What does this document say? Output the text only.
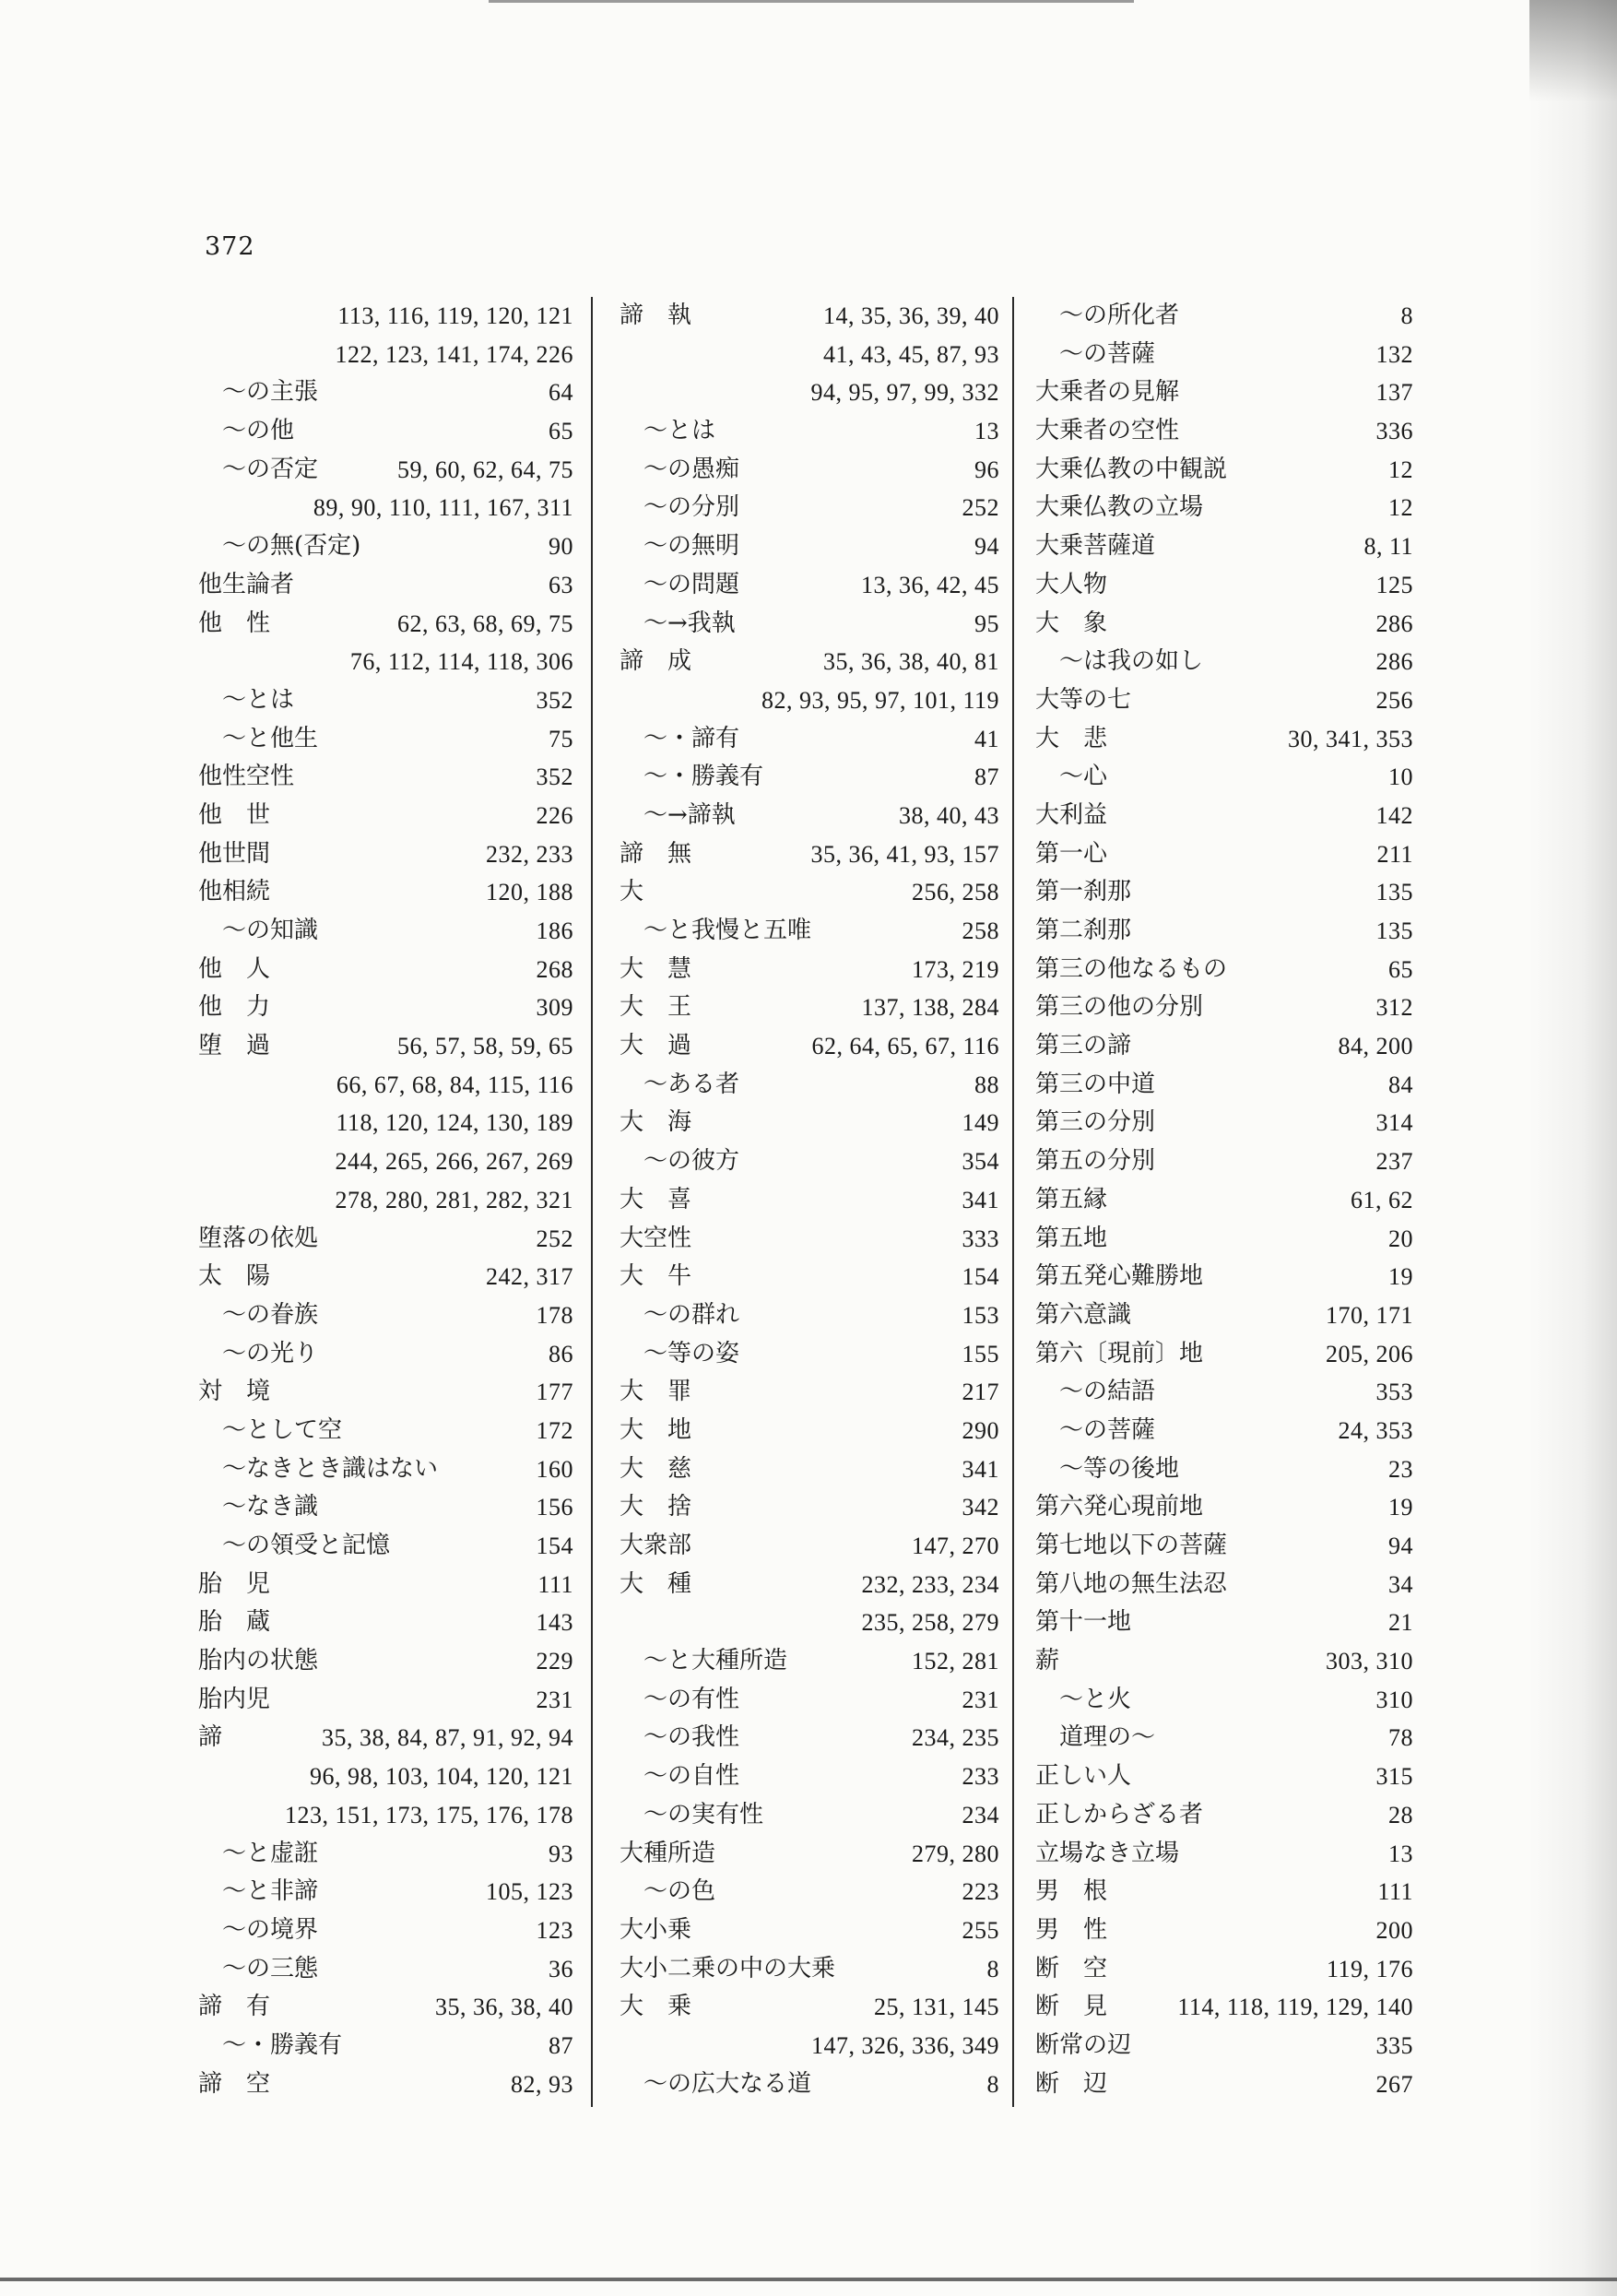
372
113, 116, 119, 120, 121
122, 123, 141, 174, 226
～の主張	64
～の他	65
～の否定	59, 60, 62, 64, 75
89, 90, 110, 111, 167, 311
～の無(否定)	90
他生論者	63
他　性	62, 63, 68, 69, 75
76, 112, 114, 118, 306
～とは	352
～と他生	75
他性空性	352
他　世	226
他世間	232, 233
他相続	120, 188
～の知識	186
他　人	268
他　力	309
堕　過	56, 57, 58, 59, 65
66, 67, 68, 84, 115, 116
118, 120, 124, 130, 189
244, 265, 266, 267, 269
278, 280, 281, 282, 321
堕落の依処	252
太　陽	242, 317
～の眷族	178
～の光り	86
対　境	177
～として空	172
～なきとき識はない	160
～なき識	156
～の領受と記憶	154
胎　児	111
胎　蔵	143
胎内の状態	229
胎内児	231
諦	35, 38, 84, 87, 91, 92, 94
96, 98, 103, 104, 120, 121
123, 151, 173, 175, 176, 178
～と虚誑	93
～と非諦	105, 123
～の境界	123
～の三態	36
諦　有	35, 36, 38, 40
～・勝義有	87
諦　空	82, 93
諦　執	14, 35, 36, 39, 40
41, 43, 45, 87, 93
94, 95, 97, 99, 332
～とは	13
～の愚痴	96
～の分別	252
～の無明	94
～の問題	13, 36, 42, 45
～→我執	95
諦　成	35, 36, 38, 40, 81
82, 93, 95, 97, 101, 119
～・諦有	41
～・勝義有	87
～→諦執	38, 40, 43
諦　無	35, 36, 41, 93, 157
大	256, 258
～と我慢と五唯	258
大　慧	173, 219
大　王	137, 138, 284
大　過	62, 64, 65, 67, 116
～ある者	88
大　海	149
～の彼方	354
大　喜	341
大空性	333
大　牛	154
～の群れ	153
～等の姿	155
大　罪	217
大　地	290
大　慈	341
大　捨	342
大衆部	147, 270
大　種	232, 233, 234
235, 258, 279
～と大種所造	152, 281
～の有性	231
～の我性	234, 235
～の自性	233
～の実有性	234
大種所造	279, 280
～の色	223
大小乗	255
大小二乗の中の大乗	8
大　乗	25, 131, 145
147, 326, 336, 349
～の広大なる道	8
～の所化者	8
～の菩薩	132
大乗者の見解	137
大乗者の空性	336
大乗仏教の中観説	12
大乗仏教の立場	12
大乗菩薩道	8, 11
大人物	125
大　象	286
～は我の如し	286
大等の七	256
大　悲	30, 341, 353
～心	10
大利益	142
第一心	211
第一刹那	135
第二刹那	135
第三の他なるもの	65
第三の他の分別	312
第三の諦	84, 200
第三の中道	84
第三の分別	314
第五の分別	237
第五縁	61, 62
第五地	20
第五発心難勝地	19
第六意識	170, 171
第六〔現前〕地	205, 206
～の結語	353
～の菩薩	24, 353
～等の後地	23
第六発心現前地	19
第七地以下の菩薩	94
第八地の無生法忍	34
第十一地	21
薪	303, 310
～と火	310
道理の～	78
正しい人	315
正しからざる者	28
立場なき立場	13
男　根	111
男　性	200
断　空	119, 176
断　見	114, 118, 119, 129, 140
断常の辺	335
断　辺	267
